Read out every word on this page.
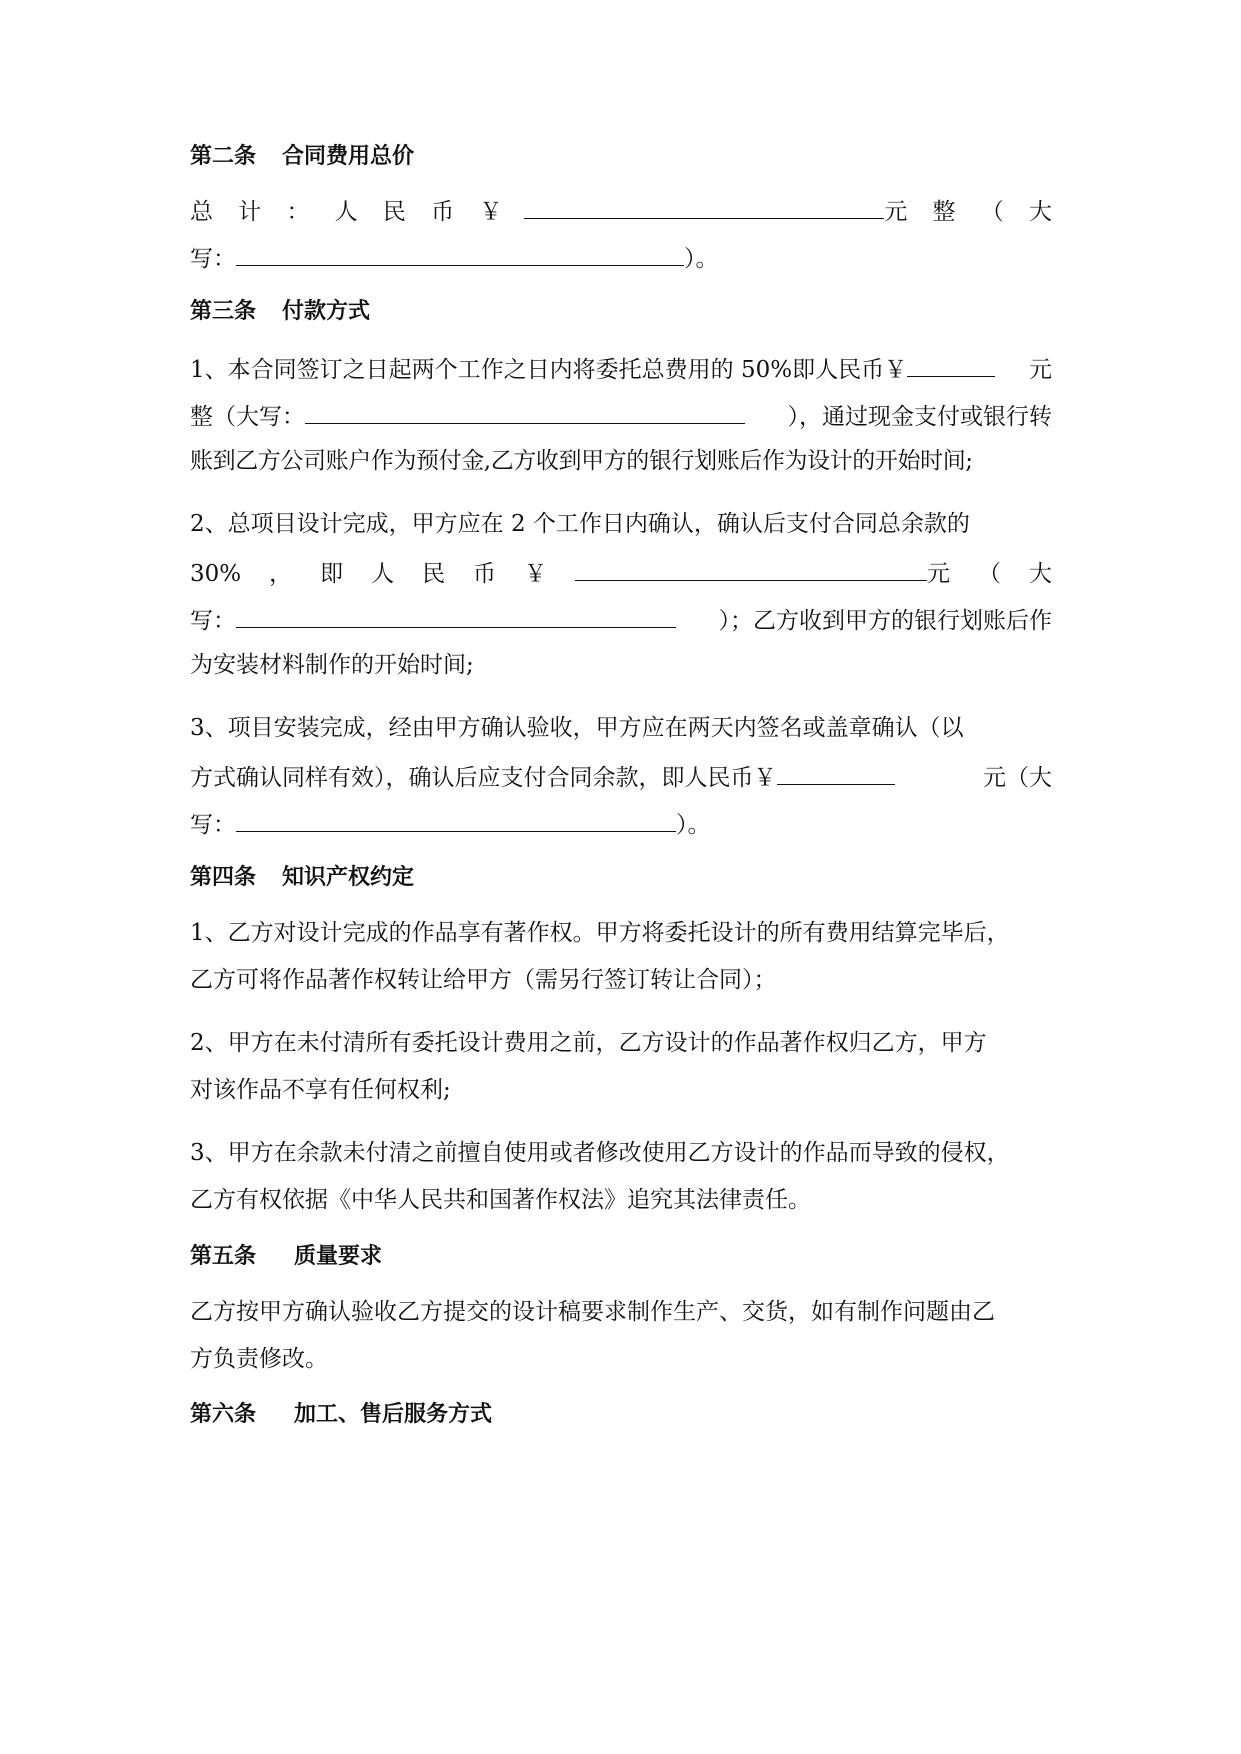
第二条 合同费用总价
总 计 ： 人 民 币 ￥	元 整 （ 大
写：	）。
第三条 付款方式
1、本合同签订之日起两个工作之日内将委托总费用的 50%即人民币￥	元
整（大写：	），通过现金支付或银行转
账到乙方公司账户作为预付金,乙方收到甲方的银行划账后作为设计的开始时间;
2、总项目设计完成，甲方应在 2 个工作日内确认，确认后支付合同总余款的
30% ， 即 人 民 币 ￥	元 （ 大
写：	）；乙方收到甲方的银行划账后作
为安装材料制作的开始时间;
3、项目安装完成，经由甲方确认验收，甲方应在两天内签名或盖章确认（以
方式确认同样有效），确认后应支付合同余款，即人民币￥	元（大
写：	）。
第四条 知识产权约定
1、乙方对设计完成的作品享有著作权。甲方将委托设计的所有费用结算完毕后，
乙方可将作品著作权转让给甲方（需另行签订转让合同）；
2、甲方在未付清所有委托设计费用之前，乙方设计的作品著作权归乙方，甲方
对该作品不享有任何权利;
3、甲方在余款未付清之前擅自使用或者修改使用乙方设计的作品而导致的侵权，
乙方有权依据《中华人民共和国著作权法》追究其法律责任。
第五条 质量要求
乙方按甲方确认验收乙方提交的设计稿要求制作生产、交货，如有制作问题由乙
方负责修改。
第六条 加工、售后服务方式
